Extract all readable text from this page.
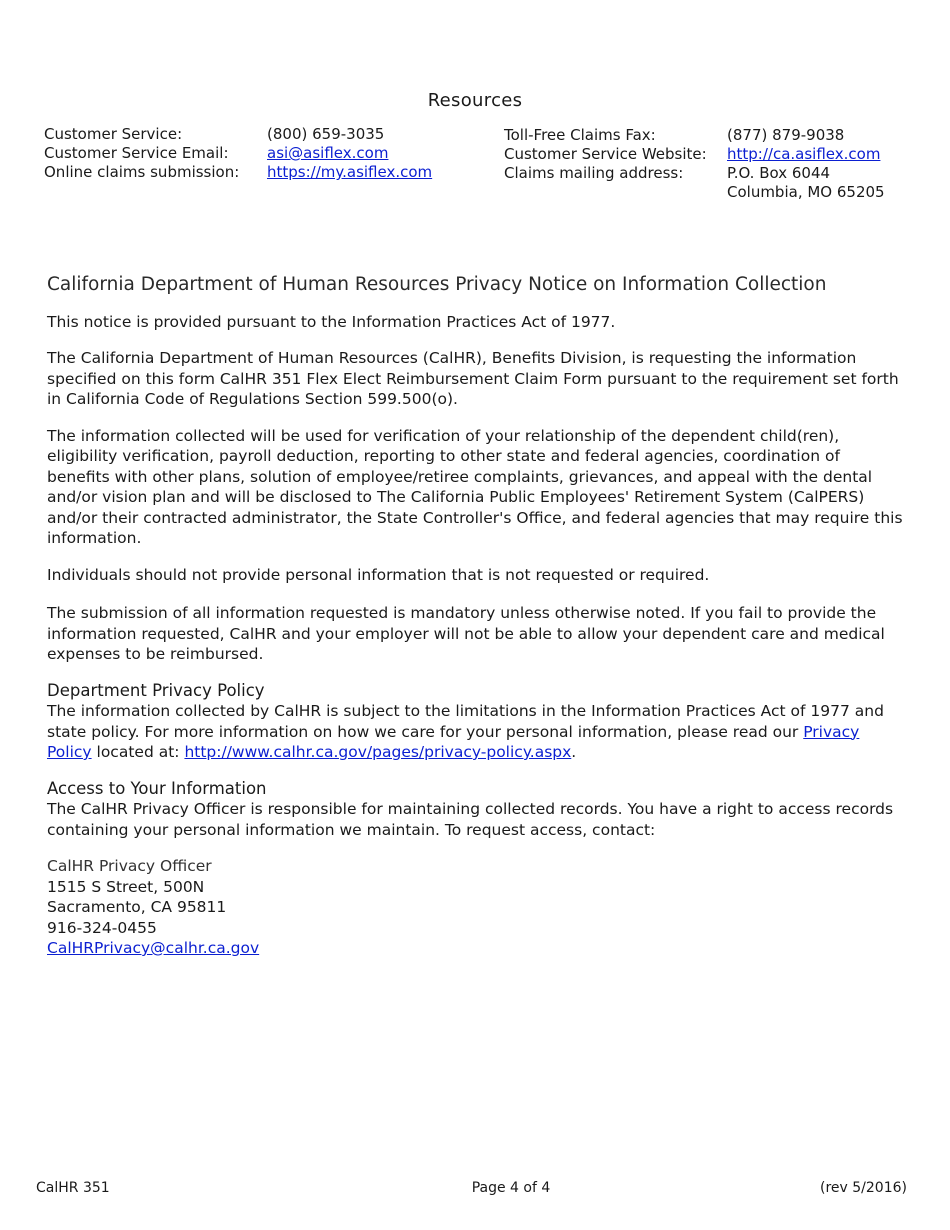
Resources
Customer Service:	(800) 659-3035
Customer Service Email:	asi@asiflex.com
Online claims submission:	https://my.asiflex.com
Toll-Free Claims Fax:	(877) 879-9038
Customer Service Website:	http://ca.asiflex.com
Claims mailing address:	P.O. Box 6044
Columbia, MO 65205
California Department of Human Resources Privacy Notice on Information Collection

This notice is provided pursuant to the Information Practices Act of 1977.

The California Department of Human Resources (CalHR), Benefits Division, is requesting the information specified on this form CalHR 351 Flex Elect Reimbursement Claim Form pursuant to the requirement set forth in California Code of Regulations Section 599.500(o).

The information collected will be used for verification of your relationship of the dependent child(ren), eligibility verification, payroll deduction, reporting to other state and federal agencies, coordination of benefits with other plans, solution of employee/retiree complaints, grievances, and appeal with the dental and/or vision plan and will be disclosed to The California Public Employees' Retirement System (CalPERS) and/or their contracted administrator, the State Controller's Office, and federal agencies that may require this information.

Individuals should not provide personal information that is not requested or required.

The submission of all information requested is mandatory unless otherwise noted. If you fail to provide the information requested, CalHR and your employer will not be able to allow your dependent care and medical expenses to be reimbursed.

Department Privacy Policy
The information collected by CalHR is subject to the limitations in the Information Practices Act of 1977 and state policy. For more information on how we care for your personal information, please read our Privacy Policy located at: http://www.calhr.ca.gov/pages/privacy-policy.aspx.
Access to Your Information
The CalHR Privacy Officer is responsible for maintaining collected records. You have a right to access records containing your personal information we maintain. To request access, contact:
CalHR Privacy Officer
1515 S Street, 500N
Sacramento, CA 95811
916-324-0455
CalHRPrivacy@calhr.ca.gov
CalHR 351	Page 4 of 4	(rev 5/2016)
